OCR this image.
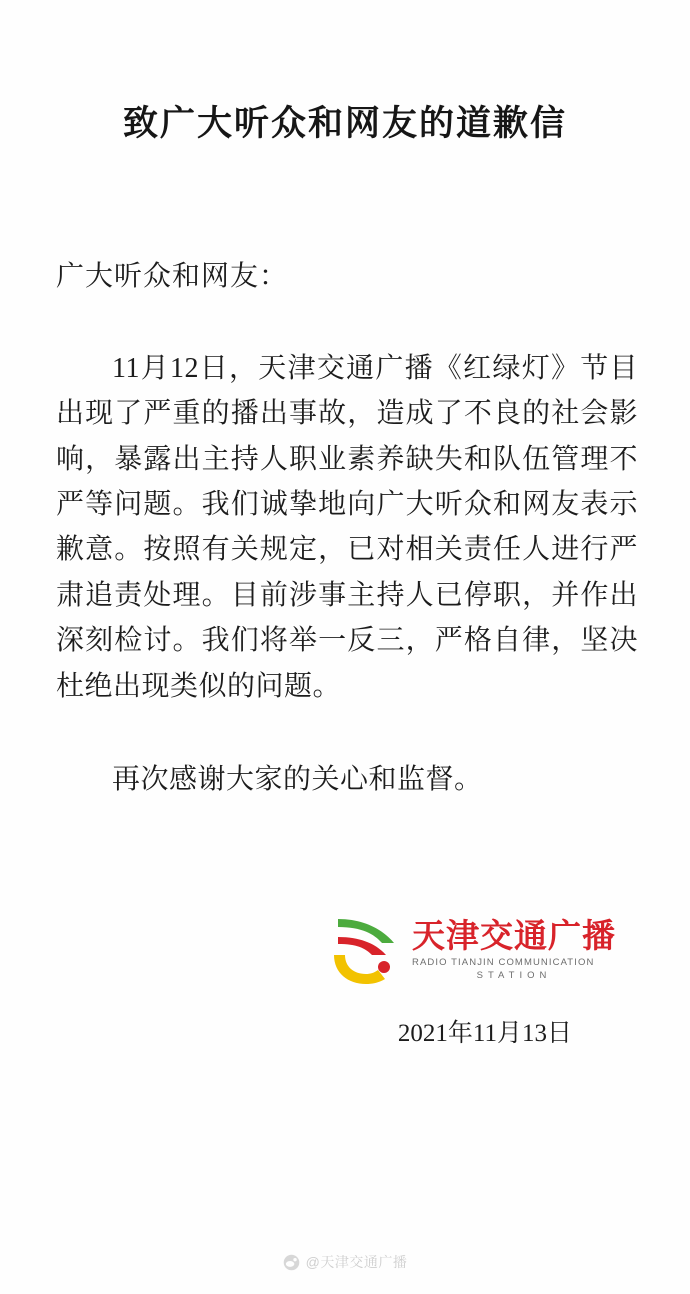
致广大听众和网友的道歉信

广大听众和网友：

11月12日，天津交通广播《红绿灯》节目出现了严重的播出事故，造成了不良的社会影响，暴露出主持人职业素养缺失和队伍管理不严等问题。我们诚挚地向广大听众和网友表示歉意。按照有关规定，已对相关责任人进行严肃追责处理。目前涉事主持人已停职，并作出深刻检讨。我们将举一反三，严格自律，坚决杜绝出现类似的问题。

再次感谢大家的关心和监督。

天津交通广播
RADIO TIANJIN COMMUNICATION
STATION

2021年11月13日

@天津交通广播
